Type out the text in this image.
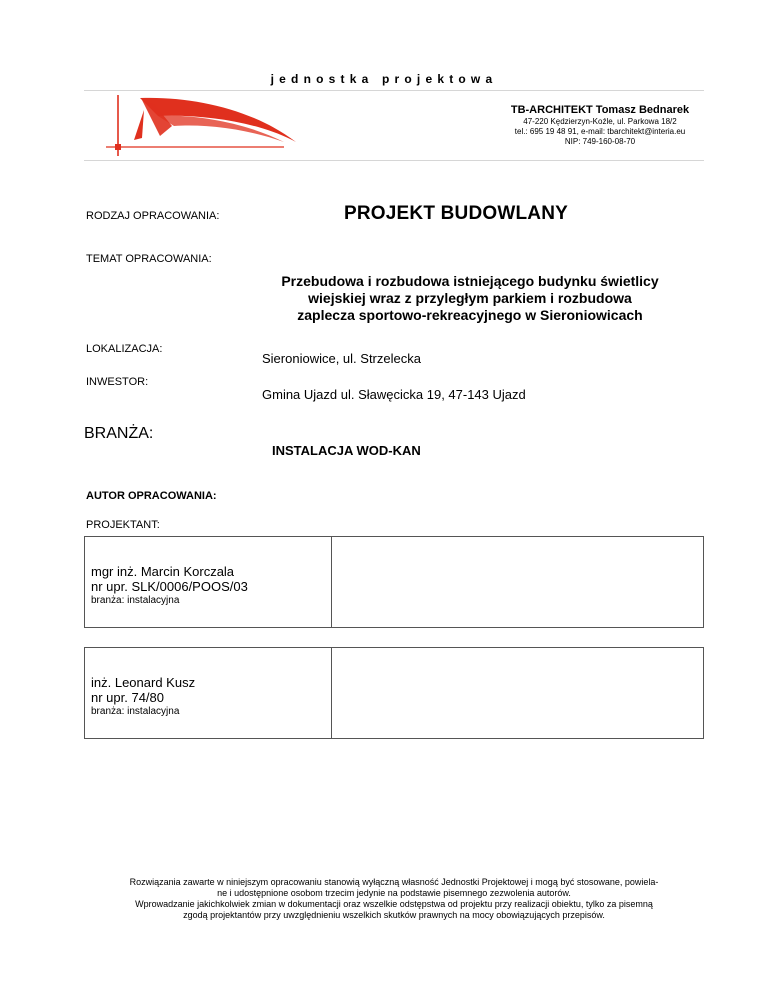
jednostka projektowa
TB-ARCHITEKT Tomasz Bednarek
47-220 Kędzierzyn-Koźle, ul. Parkowa 18/2
tel.: 695 19 48 91, e-mail: tbarchitekt@interia.eu
NIP: 749-160-08-70
RODZAJ OPRACOWANIA:	PROJEKT BUDOWLANY
TEMAT OPRACOWANIA:
Przebudowa i rozbudowa istniejącego budynku świetlicy
wiejskiej wraz z przyległym parkiem i rozbudowa
zaplecza sportowo-rekreacyjnego w Sieroniowicach
LOKALIZACJA:
Sieroniowice, ul. Strzelecka
INWESTOR:
Gmina Ujazd ul. Sławęcicka 19, 47-143 Ujazd
BRANŻA:
INSTALACJA WOD-KAN
AUTOR OPRACOWANIA:
PROJEKTANT:
mgr inż. Marcin Korczala
nr upr. SLK/0006/POOS/03
branża: instalacyjna
inż. Leonard Kusz
nr upr. 74/80
branża: instalacyjna
Rozwiązania zawarte w niniejszym opracowaniu stanowią wyłączną własność Jednostki Projektowej i mogą być stosowane, powiela-
ne i udostępnione osobom trzecim jedynie na podstawie pisemnego zezwolenia autorów.
Wprowadzanie jakichkolwiek zmian w dokumentacji oraz wszelkie odstępstwa od projektu przy realizacji obiektu, tylko za pisemną
zgodą projektantów przy uwzględnieniu wszelkich skutków prawnych na mocy obowiązujących przepisów.
